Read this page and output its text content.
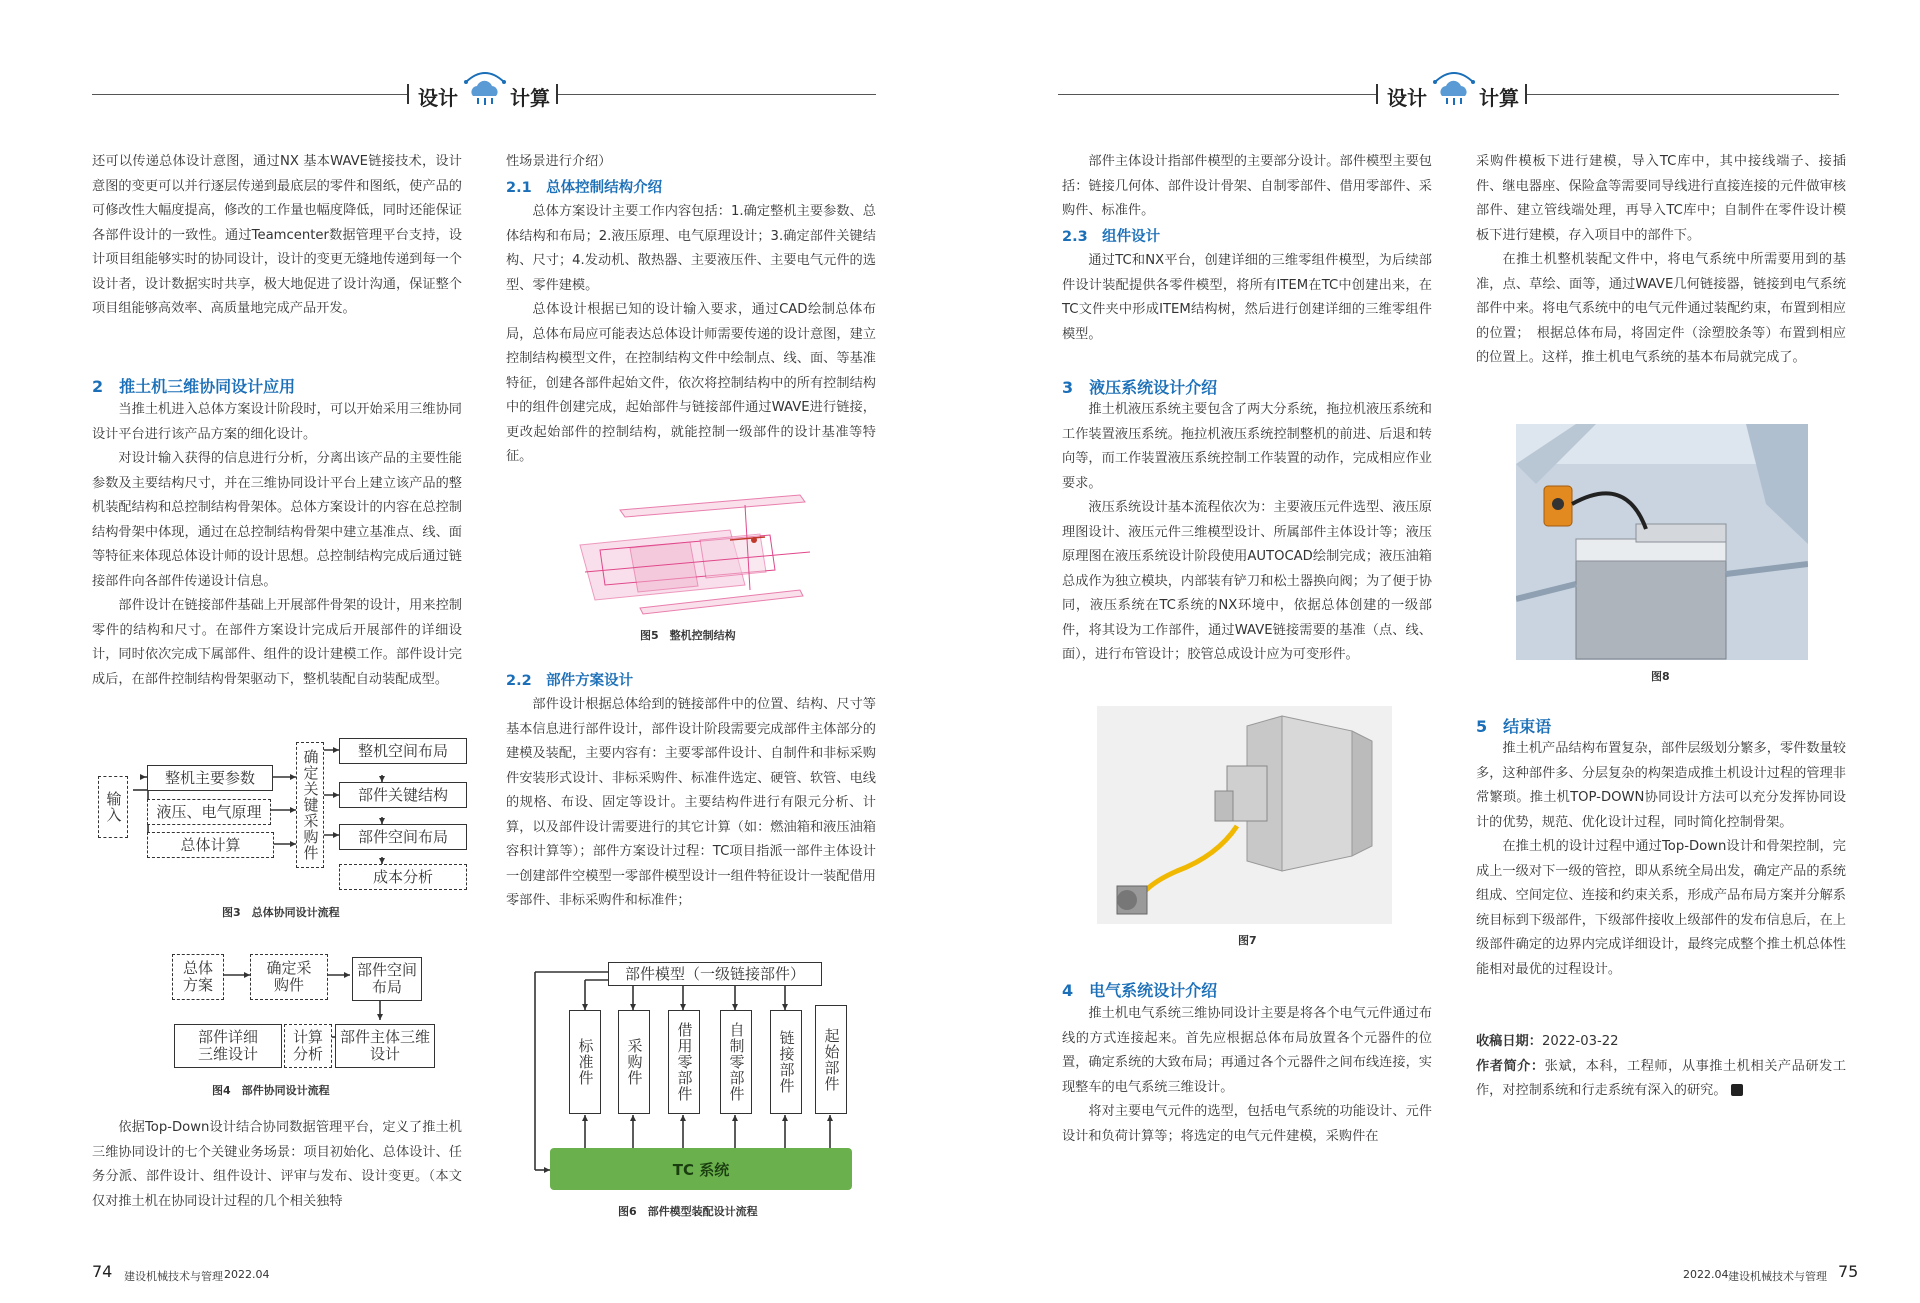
设计	计算	设计	计算

还可以传递总体设计意图，通过NX 基本WAVE链接技术，设计意图的变更可以并行逐层传递到最底层的零件和图纸，使产品的可修改性大幅度提高，修改的工作量也幅度降低，同时还能保证各部件设计的一致性。通过Teamcenter数据管理平台支持，设计项目组能够实时的协同设计，设计的变更无缝地传递到每一个设计者，设计数据实时共享，极大地促进了设计沟通，保证整个项目组能够高效率、高质量地完成产品开发。

2　推土机三维协同设计应用

当推土机进入总体方案设计阶段时，可以开始采用三维协同设计平台进行该产品方案的细化设计。

对设计输入获得的信息进行分析，分离出该产品的主要性能参数及主要结构尺寸，并在三维协同设计平台上建立该产品的整机装配结构和总控制结构骨架体。总体方案设计的内容在总控制结构骨架中体现，通过在总控制结构骨架中建立基准点、线、面等特征来体现总体设计师的设计思想。总控制结构完成后通过链接部件向各部件传递设计信息。

部件设计在链接部件基础上开展部件骨架的设计，用来控制零件的结构和尺寸。在部件方案设计完成后开展部件的详细设计，同时依次完成下属部件、组件的设计建模工作。部件设计完成后，在部件控制结构骨架驱动下，整机装配自动装配成型。

输入
整机主要参数
液压、电气原理
总体计算	确定关键采购件	整机空间布局
部件关键结构
部件空间布局
成本分析
图3　总体协同设计流程
总体方案
确定采购件
部件空间布局
部件详细三维设计
计算分析
部件主体三维设计
图4　部件协同设计流程

依据Top-Down设计结合协同数据管理平台，定义了推土机三维协同设计的七个关键业务场景：项目初始化、总体设计、任务分派、部件设计、组件设计、评审与发布、设计变更。（本文仅对推土机在协同设计过程的几个相关独特

性场景进行介绍）

2.1　总体控制结构介绍

总体方案设计主要工作内容包括：1.确定整机主要参数、总体结构和布局；2.液压原理、电气原理设计；3.确定部件关键结构、尺寸；4.发动机、散热器、主要液压件、主要电气元件的选型、零件建模。

总体设计根据已知的设计输入要求，通过CAD绘制总体布局，总体布局应可能表达总体设计师需要传递的设计意图，建立控制结构模型文件，在控制结构文件中绘制点、线、面、等基准特征，创建各部件起始文件，依次将控制结构中的所有控制结构中的组件创建完成，起始部件与链接部件通过WAVE进行链接，更改起始部件的控制结构，就能控制一级部件的设计基准等特征。

图5　整机控制结构
2.2　部件方案设计

部件设计根据总体给到的链接部件中的位置、结构、尺寸等基本信息进行部件设计，部件设计阶段需要完成部件主体部分的建模及装配，主要内容有：主要零部件设计、自制件和非标采购件安装形式设计、非标采购件、标准件选定、硬管、软管、电线的规格、布设、固定等设计。主要结构件进行有限元分析、计算，以及部件设计需要进行的其它计算（如：燃油箱和液压油箱容积计算等）；部件方案设计过程：TC项目指派一部件主体设计一创建部件空模型一零部件模型设计一组件特征设计一装配借用零部件、非标采购件和标准件；

部件模型（一级链接部件）
标准件	采购件	借用零部件	自制零部件	链接部件	起始部件
TC 系统
图6　部件模型装配设计流程
74 建设机械技术与管理 2022.04

部件主体设计指部件模型的主要部分设计。部件模型主要包括：链接几何体、部件设计骨架、自制零部件、借用零部件、采购件、标准件。

2.3　组件设计

通过TC和NX平台，创建详细的三维零组件模型，为后续部件设计装配提供各零件模型，将所有ITEM在TC中创建出来，在TC文件夹中形成ITEM结构树，然后进行创建详细的三维零组件模型。

3　液压系统设计介绍

推土机液压系统主要包含了两大分系统，拖拉机液压系统和工作装置液压系统。拖拉机液压系统控制整机的前进、后退和转向等，而工作装置液压系统控制工作装置的动作，完成相应作业要求。

液压系统设计基本流程依次为：主要液压元件选型、液压原理图设计、液压元件三维模型设计、所属部件主体设计等；液压原理图在液压系统设计阶段使用AUTOCAD绘制完成；液压油箱总成作为独立模块，内部装有铲刀和松土器换向阀；为了便于协同，液压系统在TC系统的NX环境中，依据总体创建的一级部件，将其设为工作部件，通过WAVE链接需要的基准（点、线、面），进行布管设计；胶管总成设计应为可变形件。

图7
4　电气系统设计介绍

推土机电气系统三维协同设计主要是将各个电气元件通过布线的方式连接起来。首先应根据总体布局放置各个元器件的位置，确定系统的大致布局；再通过各个元器件之间布线连接，实现整车的电气系统三维设计。

将对主要电气元件的选型，包括电气系统的功能设计、元件设计和负荷计算等；将选定的电气元件建模，采购件在

采购件模板下进行建模，导入TC库中，其中接线端子、接插件、继电器座、保险盒等需要同导线进行直接连接的元件做审核部件、建立管线端处理，再导入TC库中；自制件在零件设计模板下进行建模，存入项目中的部件下。

在推土机整机装配文件中，将电气系统中所需要用到的基准，点、草绘、面等，通过WAVE几何链接器，链接到电气系统部件中来。将电气系统中的电气元件通过装配约束，布置到相应的位置；　根据总体布局，将固定件（涂塑胶条等）布置到相应的位置上。这样，推土机电气系统的基本布局就完成了。

图8
5　结束语

推土机产品结构布置复杂，部件层级划分繁多，零件数量较多，这种部件多、分层复杂的构架造成推土机设计过程的管理非常繁琐。推土机TOP-DOWN协同设计方法可以充分发挥协同设计的优势，规范、优化设计过程，同时简化控制骨架。

在推土机的设计过程中通过Top-Down设计和骨架控制，完成上一级对下一级的管控，即从系统全局出发，确定产品的系统组成、空间定位、连接和约束关系，形成产品布局方案并分解系统目标到下级部件，下级部件接收上级部件的发布信息后，在上级部件确定的边界内完成详细设计，最终完成整个推土机总体性能相对最优的过程设计。

收稿日期：2022-03-22

作者简介：张斌，本科，工程师，从事推土机相关产品研发工作，对控制系统和行走系统有深入的研究。

2022.04 建设机械技术与管理 75
